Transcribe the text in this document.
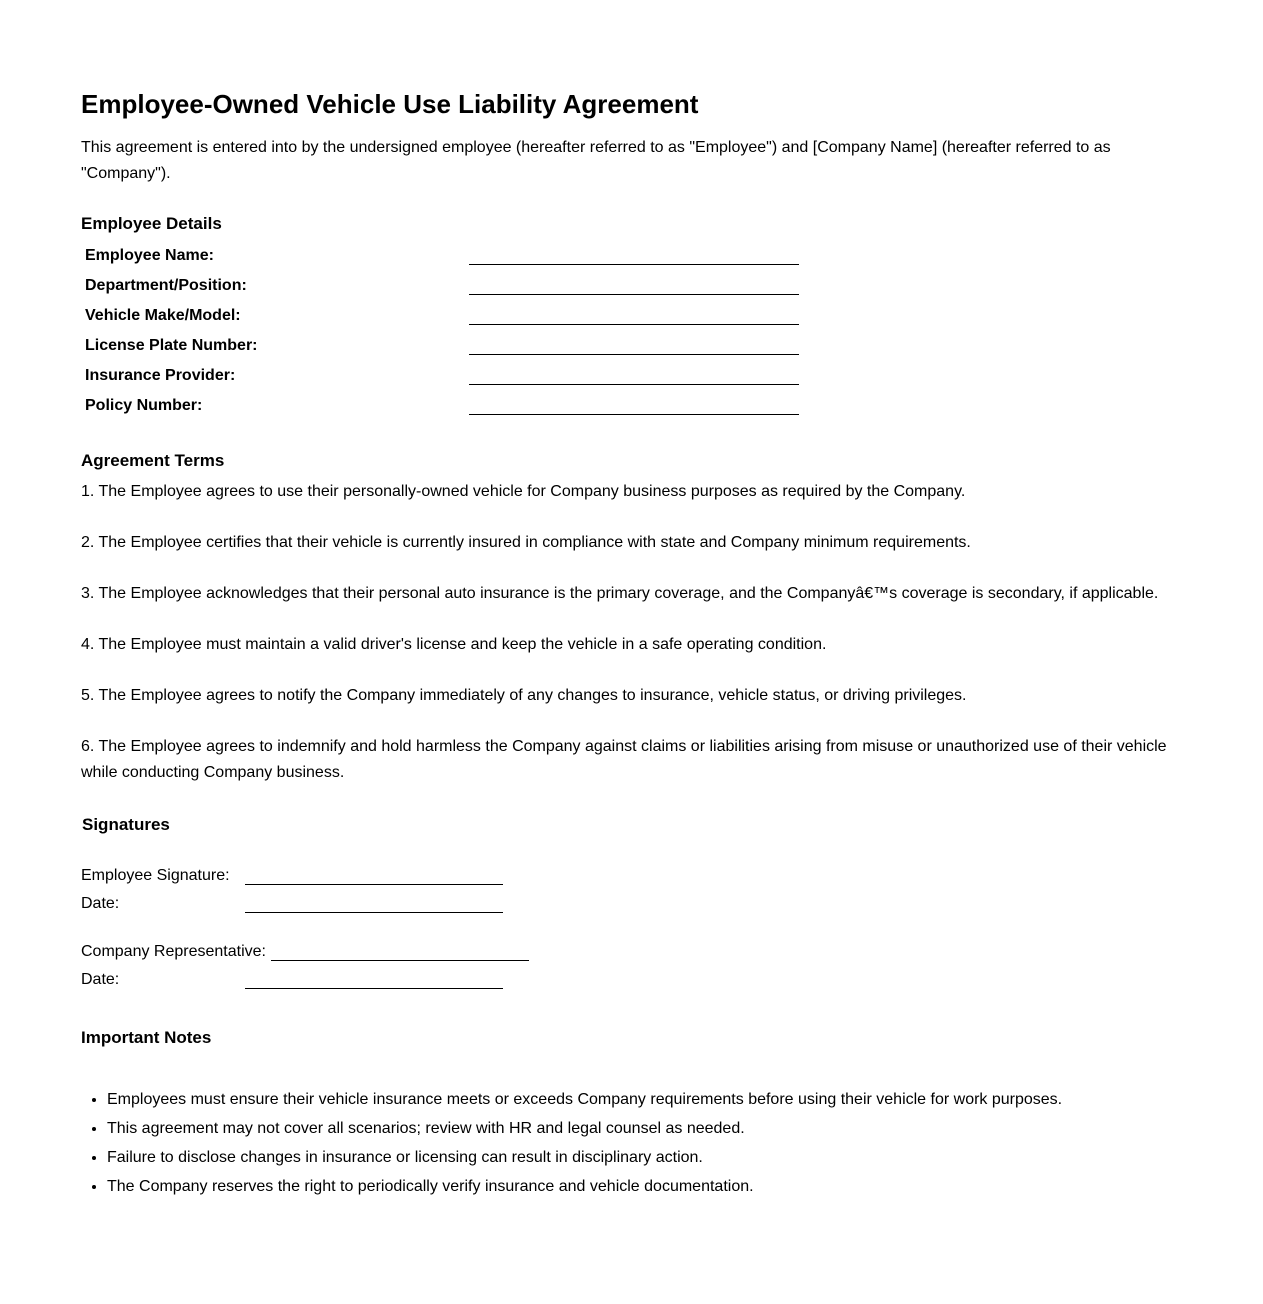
Employee-Owned Vehicle Use Liability Agreement

This agreement is entered into by the undersigned employee (hereafter referred to as "Employee") and [Company Name] (hereafter referred to as "Company").

Employee Details
Employee Name:
Department/Position:
Vehicle Make/Model:
License Plate Number:
Insurance Provider:
Policy Number:
Agreement Terms

1. The Employee agrees to use their personally-owned vehicle for Company business purposes as required by the Company.

2. The Employee certifies that their vehicle is currently insured in compliance with state and Company minimum requirements.

3. The Employee acknowledges that their personal auto insurance is the primary coverage, and the Companyâ€™s coverage is secondary, if applicable.

4. The Employee must maintain a valid driver's license and keep the vehicle in a safe operating condition.

5. The Employee agrees to notify the Company immediately of any changes to insurance, vehicle status, or driving privileges.

6. The Employee agrees to indemnify and hold harmless the Company against claims or liabilities arising from misuse or unauthorized use of their vehicle while conducting Company business.

Signatures
Employee Signature:
Date:
Company Representative:
Date:
Important Notes
• Employees must ensure their vehicle insurance meets or exceeds Company requirements before using their vehicle for work purposes.
• This agreement may not cover all scenarios; review with HR and legal counsel as needed.
• Failure to disclose changes in insurance or licensing can result in disciplinary action.
• The Company reserves the right to periodically verify insurance and vehicle documentation.
